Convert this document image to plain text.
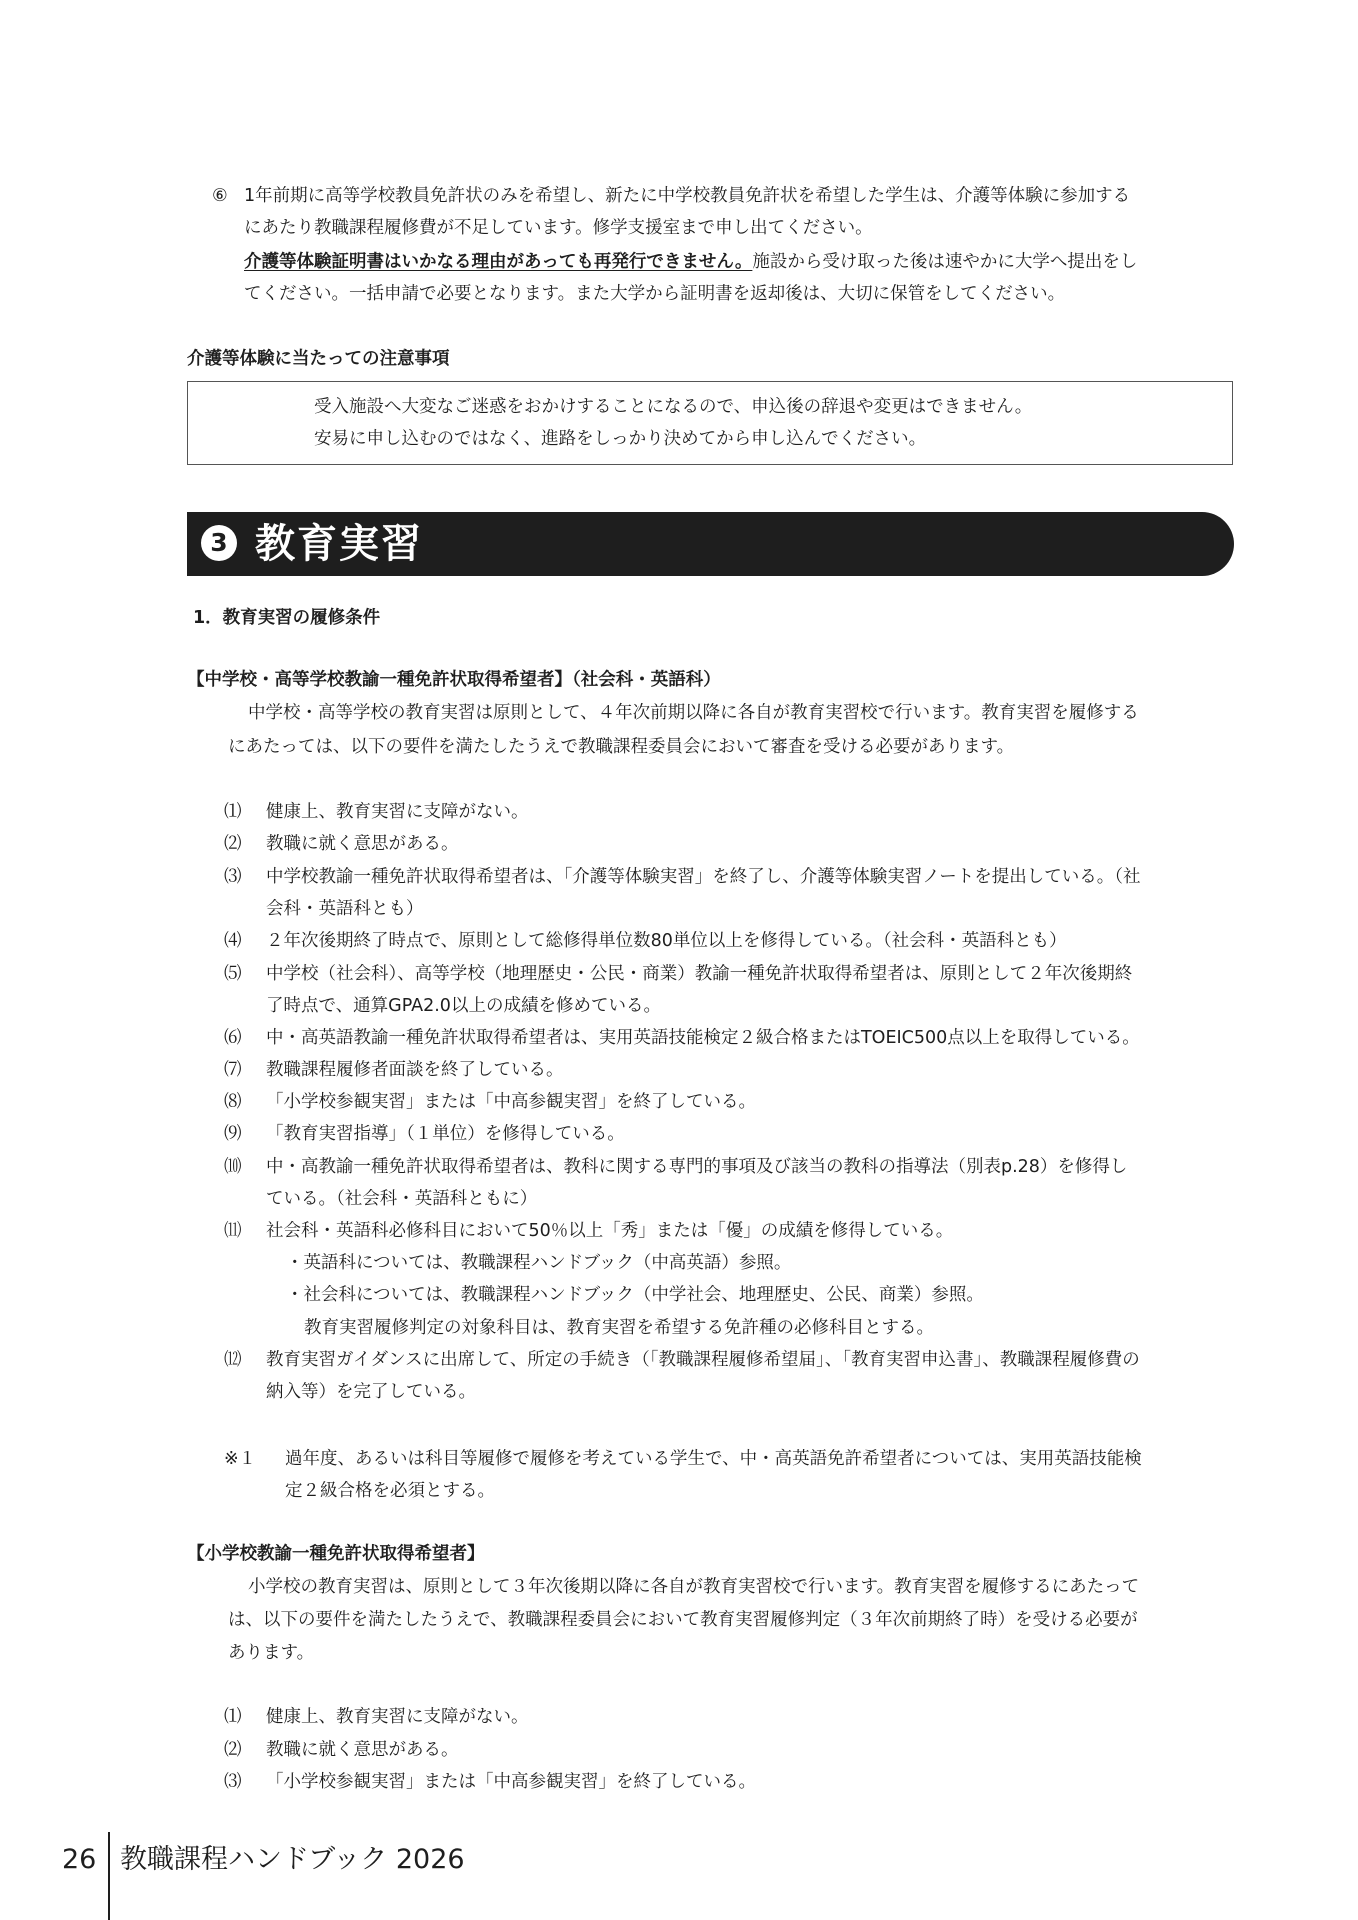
⑥ 1年前期に高等学校教員免許状のみを希望し、新たに中学校教員免許状を希望した学生は、介護等体験に参加する
にあたり教職課程履修費が不足しています。修学支援室まで申し出てください。
介護等体験証明書はいかなる理由があっても再発行できません。施設から受け取った後は速やかに大学へ提出をし
てください。一括申請で必要となります。また大学から証明書を返却後は、大切に保管をしてください。
介護等体験に当たっての注意事項
受入施設へ大変なご迷惑をおかけすることになるので、申込後の辞退や変更はできません。
安易に申し込むのではなく、進路をしっかり決めてから申し込んでください。
3 教育実習
1．教育実習の履修条件
【中学校・高等学校教諭一種免許状取得希望者】（社会科・英語科）
中学校・高等学校の教育実習は原則として、４年次前期以降に各自が教育実習校で行います。教育実習を履修する
にあたっては、以下の要件を満たしたうえで教職課程委員会において審査を受ける必要があります。
⑴ 健康上、教育実習に支障がない。
⑵ 教職に就く意思がある。
⑶ 中学校教諭一種免許状取得希望者は、「介護等体験実習」を終了し、介護等体験実習ノートを提出している。（社
会科・英語科とも）
⑷ ２年次後期終了時点で、原則として総修得単位数80単位以上を修得している。（社会科・英語科とも）
⑸ 中学校（社会科）、高等学校（地理歴史・公民・商業）教諭一種免許状取得希望者は、原則として２年次後期終
了時点で、通算GPA2.0以上の成績を修めている。
⑹ 中・高英語教諭一種免許状取得希望者は、実用英語技能検定２級合格またはTOEIC500点以上を取得している。
⑺ 教職課程履修者面談を終了している。
⑻ 「小学校参観実習」または「中高参観実習」を終了している。
⑼ 「教育実習指導」（１単位）を修得している。
⑽ 中・高教諭一種免許状取得希望者は、教科に関する専門的事項及び該当の教科の指導法（別表p.28）を修得し
ている。（社会科・英語科ともに）
⑾ 社会科・英語科必修科目において50％以上「秀」または「優」の成績を修得している。
・英語科については、教職課程ハンドブック（中高英語）参照。
・社会科については、教職課程ハンドブック（中学社会、地理歴史、公民、商業）参照。
教育実習履修判定の対象科目は、教育実習を希望する免許種の必修科目とする。
⑿ 教育実習ガイダンスに出席して、所定の手続き（「教職課程履修希望届」、「教育実習申込書」、教職課程履修費の
納入等）を完了している。
※１ 過年度、あるいは科目等履修で履修を考えている学生で、中・高英語免許希望者については、実用英語技能検
定２級合格を必須とする。
【小学校教諭一種免許状取得希望者】
小学校の教育実習は、原則として３年次後期以降に各自が教育実習校で行います。教育実習を履修するにあたって
は、以下の要件を満たしたうえで、教職課程委員会において教育実習履修判定（３年次前期終了時）を受ける必要が
あります。
⑴ 健康上、教育実習に支障がない。
⑵ 教職に就く意思がある。
⑶ 「小学校参観実習」または「中高参観実習」を終了している。
26 教職課程ハンドブック 2026
